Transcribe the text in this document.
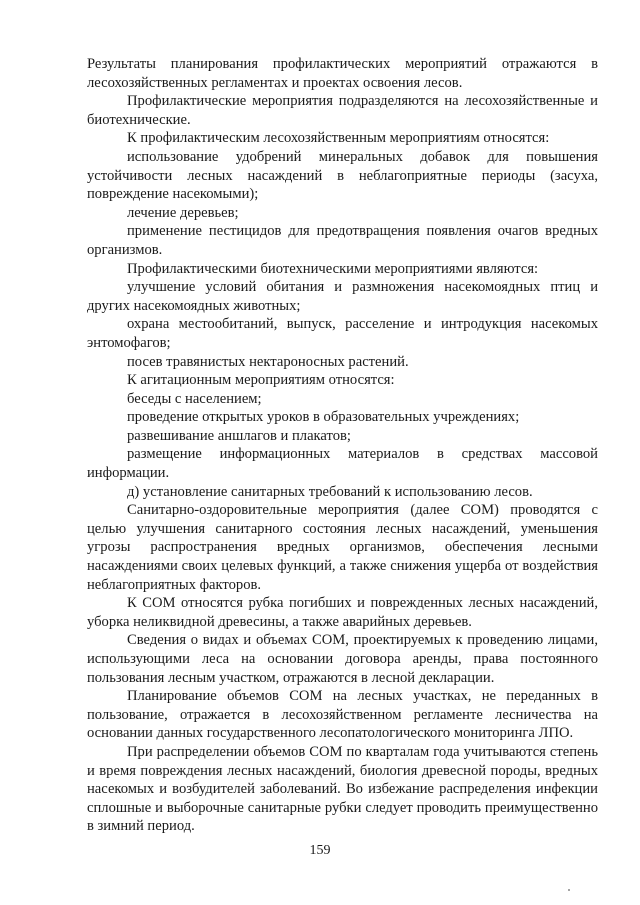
Результаты планирования профилактических мероприятий отражаются в лесохозяйственных регламентах и проектах освоения лесов.

Профилактические мероприятия подразделяются на лесохозяйственные и биотехнические.

К профилактическим лесохозяйственным мероприятиям относятся:

использование удобрений минеральных добавок для повышения устойчивости лесных насаждений в неблагоприятные периоды (засуха, повреждение насекомыми);

лечение деревьев;

применение пестицидов для предотвращения появления очагов вредных организмов.

Профилактическими биотехническими мероприятиями являются:

улучшение условий обитания и размножения насекомоядных птиц и других насекомоядных животных;

охрана местообитаний, выпуск, расселение и интродукция насекомых энтомофагов;

посев травянистых нектароносных растений.

К агитационным мероприятиям относятся:

беседы с населением;

проведение открытых уроков в образовательных учреждениях;

развешивание аншлагов и плакатов;

размещение информационных материалов в средствах массовой информации.

д) установление санитарных требований к использованию лесов.

Санитарно-оздоровительные мероприятия (далее СОМ) проводятся с целью улучшения санитарного состояния лесных насаждений, уменьшения угрозы распространения вредных организмов, обеспечения лесными насаждениями своих целевых функций, а также снижения ущерба от воздействия неблагоприятных факторов.

К СОМ относятся рубка погибших и поврежденных лесных насаждений, уборка неликвидной древесины, а также аварийных деревьев.

Сведения о видах и объемах СОМ, проектируемых к проведению лицами, использующими леса на основании договора аренды, права постоянного пользования лесным участком, отражаются в лесной декларации.

Планирование объемов СОМ на лесных участках, не переданных в пользование, отражается в лесохозяйственном регламенте лесничества на основании данных государственного лесопатологического мониторинга ЛПО.

При распределении объемов СОМ по кварталам года учитываются степень и время повреждения лесных насаждений, биология древесной породы, вредных насекомых и возбудителей заболеваний. Во избежание распределения инфекции сплошные и выборочные санитарные рубки следует проводить преимущественно в зимний период.

159
